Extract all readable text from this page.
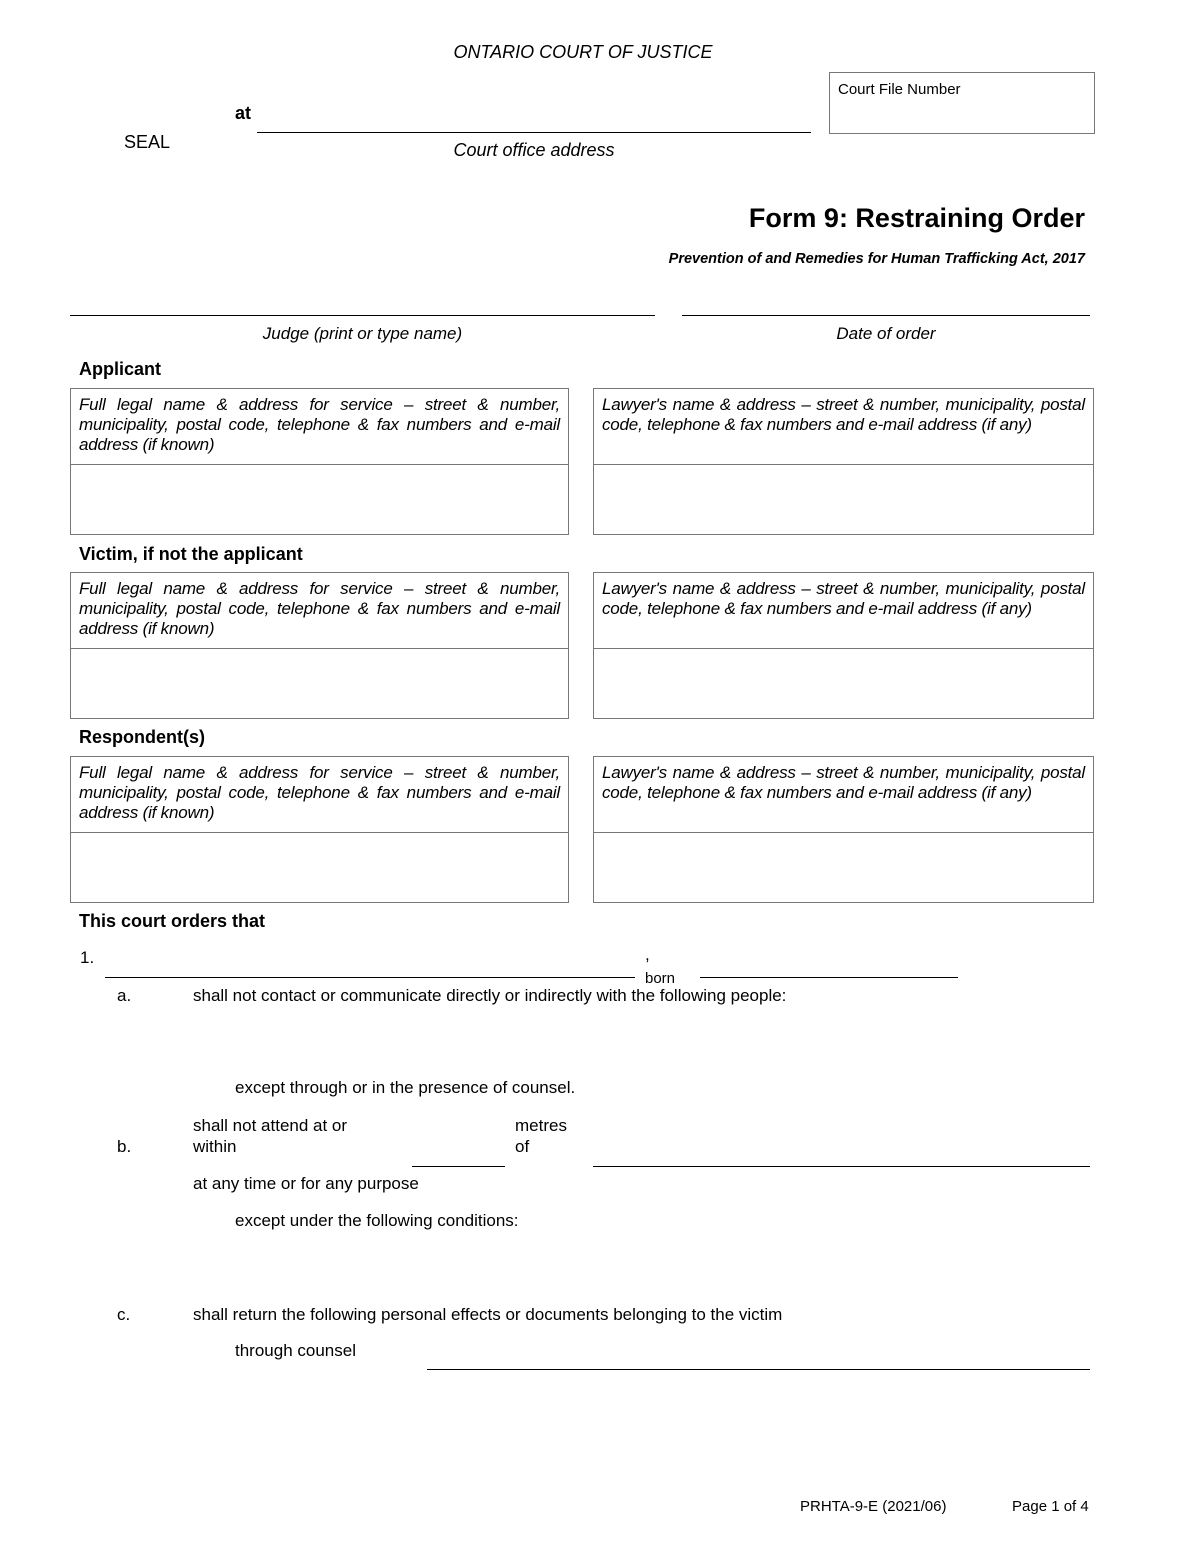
ONTARIO COURT OF JUSTICE
at
Court office address
SEAL
Court File Number
Form 9: Restraining Order
Prevention of and Remedies for Human Trafficking Act, 2017
Judge (print or type name)	Date of order
Applicant
Full legal name & address for service – street & number, municipality, postal code, telephone & fax numbers and e-mail address (if known)
Lawyer's name & address – street & number, municipality, postal code, telephone & fax numbers and e-mail address (if any)
Victim, if not the applicant
Full legal name & address for service – street & number, municipality, postal code, telephone & fax numbers and e-mail address (if known)
Lawyer's name & address – street & number, municipality, postal code, telephone & fax numbers and e-mail address (if any)
Respondent(s)
Full legal name & address for service – street & number, municipality, postal code, telephone & fax numbers and e-mail address (if known)
Lawyer's name & address – street & number, municipality, postal code, telephone & fax numbers and e-mail address (if any)
This court orders that
1.	,
born
a.	shall not contact or communicate directly or indirectly with the following people:
except through or in the presence of counsel.
b.
shall not attend at or within
metres of
at any time or for any purpose
except under the following conditions:
c.	shall return the following personal effects or documents belonging to the victim
through counsel
PRHTA-9-E (2021/06)	Page 1 of 4
